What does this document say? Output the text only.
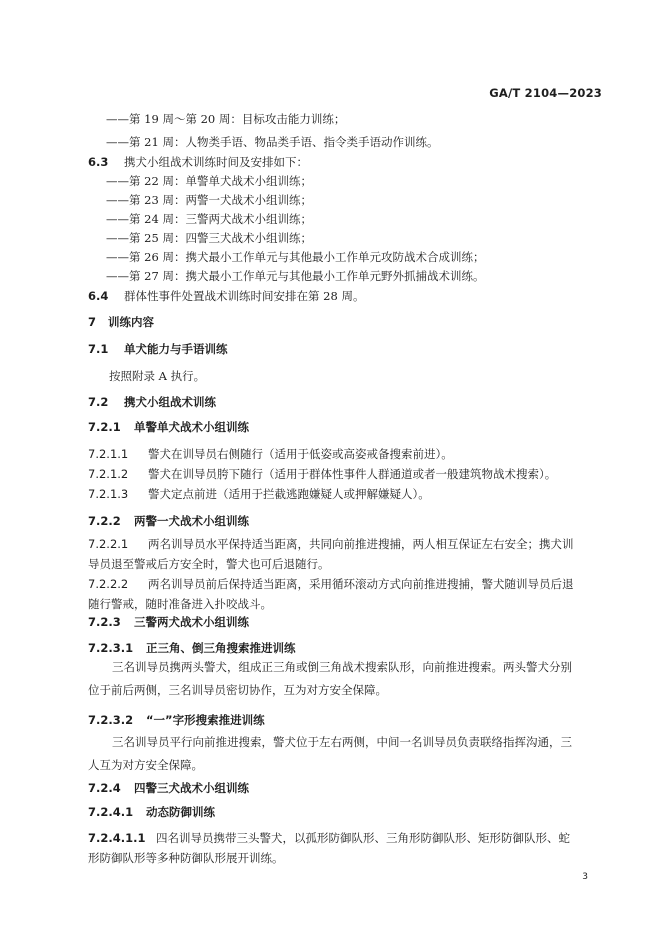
GA/T 2104—2023
——第 19 周～第 20 周：目标攻击能力训练；
——第 21 周：人物类手语、物品类手语、指令类手语动作训练。
6.3 携犬小组战术训练时间及安排如下：
——第 22 周：单警单犬战术小组训练；
——第 23 周：两警一犬战术小组训练；
——第 24 周：三警两犬战术小组训练；
——第 25 周：四警三犬战术小组训练；
——第 26 周：携犬最小工作单元与其他最小工作单元攻防战术合成训练；
——第 27 周：携犬最小工作单元与其他最小工作单元野外抓捕战术训练。
6.4 群体性事件处置战术训练时间安排在第 28 周。
7 训练内容
7.1 单犬能力与手语训练
按照附录 A 执行。
7.2 携犬小组战术训练
7.2.1 单警单犬战术小组训练
7.2.1.1 警犬在训导员右侧随行（适用于低姿或高姿戒备搜索前进）。
7.2.1.2 警犬在训导员胯下随行（适用于群体性事件人群通道或者一般建筑物战术搜索）。
7.2.1.3 警犬定点前进（适用于拦截逃跑嫌疑人或押解嫌疑人）。
7.2.2 两警一犬战术小组训练
7.2.2.1 两名训导员水平保持适当距离，共同向前推进搜捕，两人相互保证左右安全；携犬训导员退至警戒后方安全时，警犬也可后退随行。
7.2.2.2 两名训导员前后保持适当距离，采用循环滚动方式向前推进搜捕，警犬随训导员后退随行警戒，随时准备进入扑咬战斗。
7.2.3 三警两犬战术小组训练
7.2.3.1 正三角、倒三角搜索推进训练
三名训导员携两头警犬，组成正三角或倒三角战术搜索队形，向前推进搜索。两头警犬分别位于前后两侧，三名训导员密切协作，互为对方安全保障。
7.2.3.2 “一”字形搜索推进训练
三名训导员平行向前推进搜索，警犬位于左右两侧，中间一名训导员负责联络指挥沟通，三人互为对方安全保障。
7.2.4 四警三犬战术小组训练
7.2.4.1 动态防御训练
7.2.4.1.1 四名训导员携带三头警犬，以孤形防御队形、三角形防御队形、矩形防御队形、蛇形防御队形等多种防御队形展开训练。
3
